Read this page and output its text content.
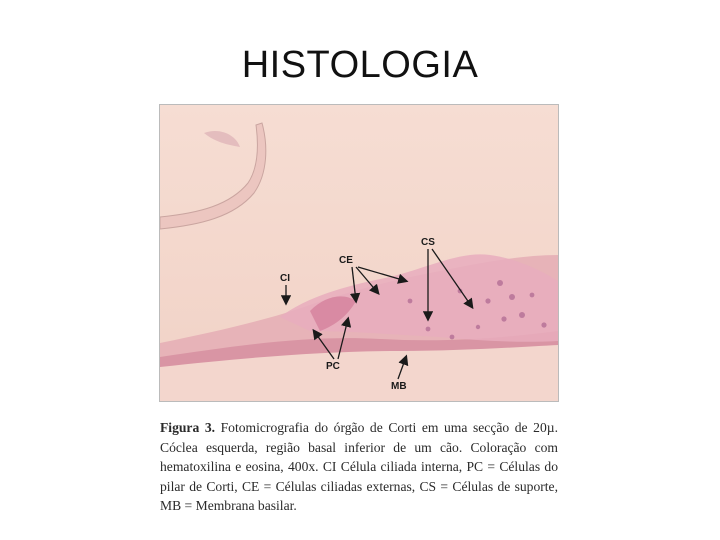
HISTOLOGIA
CS
CE
CI
PC
MB
Figura 3. Fotomicrografia do órgão de Corti em uma secção de 20µ. Cóclea esquerda, região basal inferior de um cão. Coloração com hematoxilina e eosina, 400x. CI Célula ciliada interna, PC = Células do pilar de Corti, CE = Células ciliadas externas, CS = Células de suporte, MB = Membrana basilar.
